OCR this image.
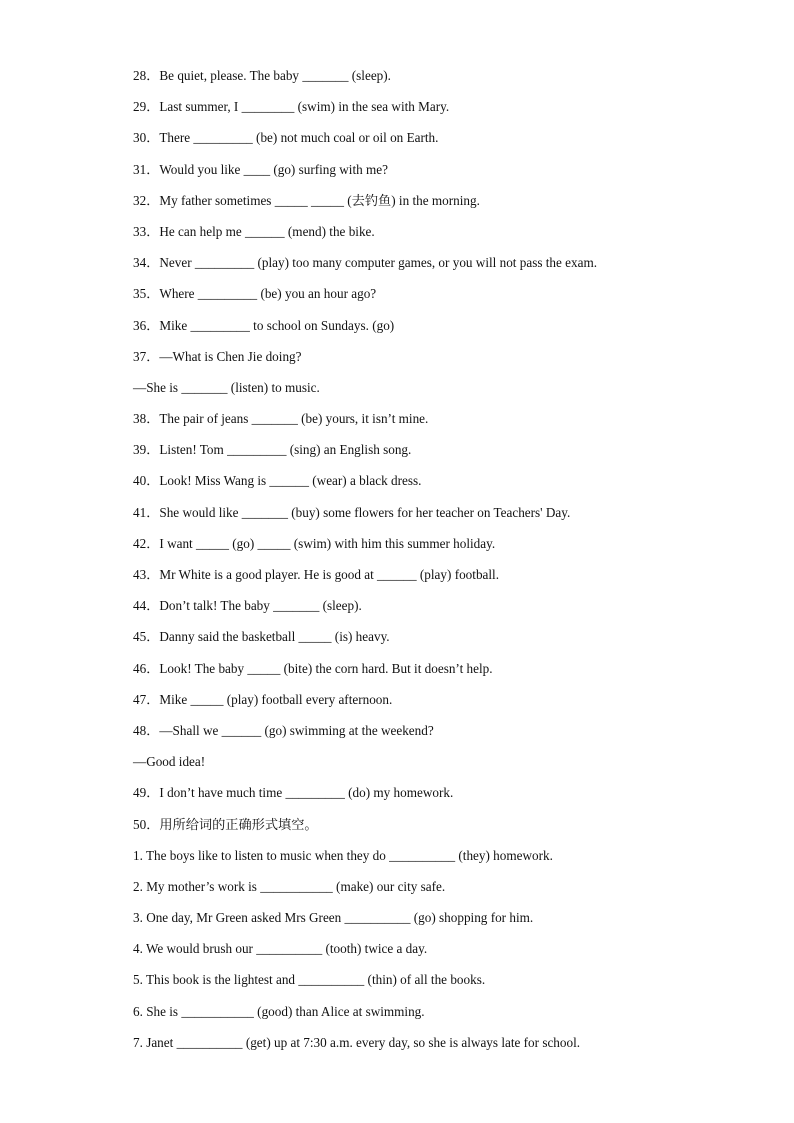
28．Be quiet, please. The baby _______ (sleep).
29．Last summer, I ________ (swim) in the sea with Mary.
30．There _________ (be) not much coal or oil on Earth.
31．Would you like ____ (go) surfing with me?
32．My father sometimes _____ _____ (去钓鱼) in the morning.
33．He can help me ______ (mend) the bike.
34．Never _________ (play) too many computer games, or you will not pass the exam.
35．Where _________ (be) you an hour ago?
36．Mike _________ to school on Sundays. (go)
37．—What is Chen Jie doing?
—She is _______ (listen) to music.
38．The pair of jeans _______ (be) yours, it isn’t mine.
39．Listen! Tom _________ (sing) an English song.
40．Look! Miss Wang is ______ (wear) a black dress.
41．She would like _______ (buy) some flowers for her teacher on Teachers' Day.
42．I want _____ (go) _____ (swim) with him this summer holiday.
43．Mr White is a good player. He is good at ______ (play) football.
44．Don’t talk! The baby _______ (sleep).
45．Danny said the basketball _____ (is) heavy.
46．Look! The baby _____ (bite) the corn hard. But it doesn’t help.
47．Mike _____ (play) football every afternoon.
48．—Shall we ______ (go) swimming at the weekend?
—Good idea!
49．I don’t have much time _________ (do) my homework.
50．用所给词的正确形式填空。
1. The boys like to listen to music when they do __________ (they) homework.
2. My mother’s work is ___________ (make) our city safe.
3. One day, Mr Green asked Mrs Green __________ (go) shopping for him.
4. We would brush our __________ (tooth) twice a day.
5. This book is the lightest and __________ (thin) of all the books.
6. She is ___________ (good) than Alice at swimming.
7. Janet __________ (get) up at 7:30 a.m. every day, so she is always late for school.
